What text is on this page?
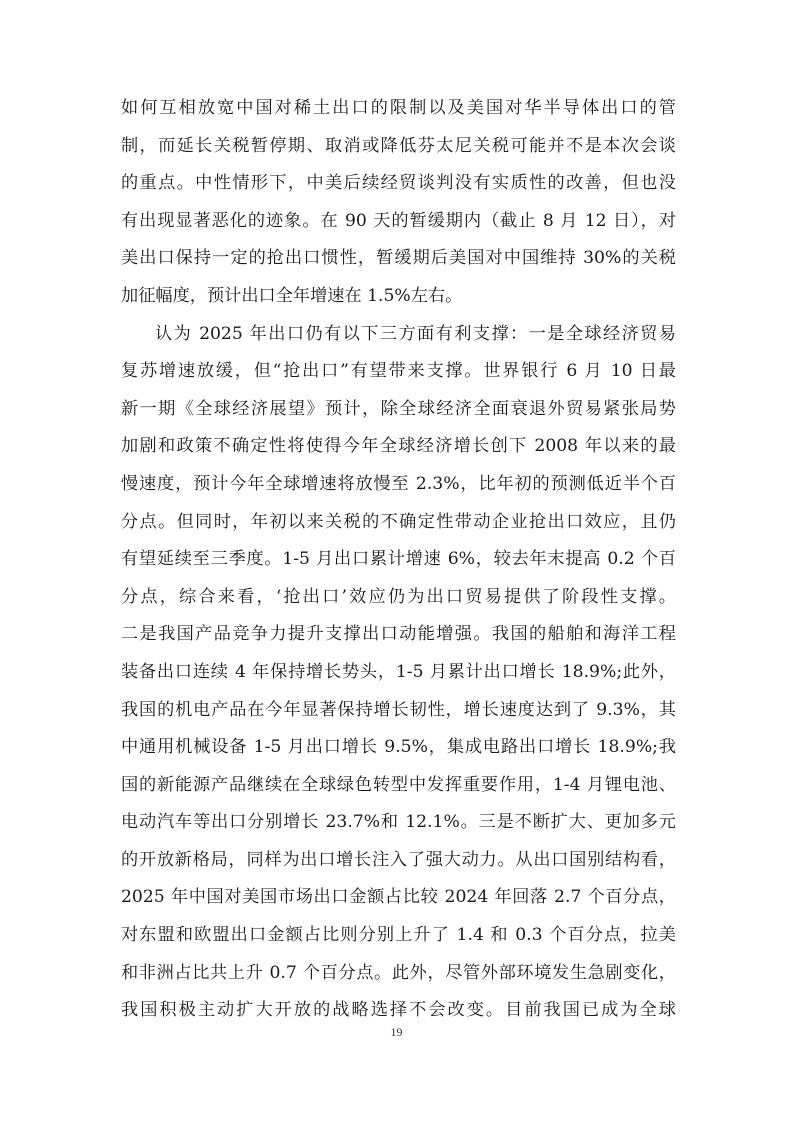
如何互相放宽中国对稀土出口的限制以及美国对华半导体出口的管
制，而延长关税暂停期、取消或降低芬太尼关税可能并不是本次会谈
的重点。中性情形下，中美后续经贸谈判没有实质性的改善，但也没
有出现显著恶化的迹象。在 90 天的暂缓期内（截止 8 月 12 日），对
美出口保持一定的抢出口惯性，暂缓期后美国对中国维持 30%的关税
加征幅度，预计出口全年增速在 1.5%左右。
认为 2025 年出口仍有以下三方面有利支撑：一是全球经济贸易
复苏增速放缓，但“抢出口”有望带来支撑。世界银行 6 月 10 日最
新一期《全球经济展望》预计，除全球经济全面衰退外贸易紧张局势
加剧和政策不确定性将使得今年全球经济增长创下 2008 年以来的最
慢速度，预计今年全球增速将放慢至 2.3%，比年初的预测低近半个百
分点。但同时，年初以来关税的不确定性带动企业抢出口效应，且仍
有望延续至三季度。1-5 月出口累计增速 6%，较去年末提高 0.2 个百
分点，综合来看，‘抢出口’效应仍为出口贸易提供了阶段性支撑。
二是我国产品竞争力提升支撑出口动能增强。我国的船舶和海洋工程
装备出口连续 4 年保持增长势头，1-5 月累计出口增长 18.9%;此外，
我国的机电产品在今年显著保持增长韧性，增长速度达到了 9.3%，其
中通用机械设备 1-5 月出口增长 9.5%，集成电路出口增长 18.9%;我
国的新能源产品继续在全球绿色转型中发挥重要作用，1-4 月锂电池、
电动汽车等出口分别增长 23.7%和 12.1%。三是不断扩大、更加多元
的开放新格局，同样为出口增长注入了强大动力。从出口国别结构看，
2025 年中国对美国市场出口金额占比较 2024 年回落 2.7 个百分点，
对东盟和欧盟出口金额占比则分别上升了 1.4 和 0.3 个百分点，拉美
和非洲占比共上升 0.7 个百分点。此外，尽管外部环境发生急剧变化，
我国积极主动扩大开放的战略选择不会改变。目前我国已成为全球
19
